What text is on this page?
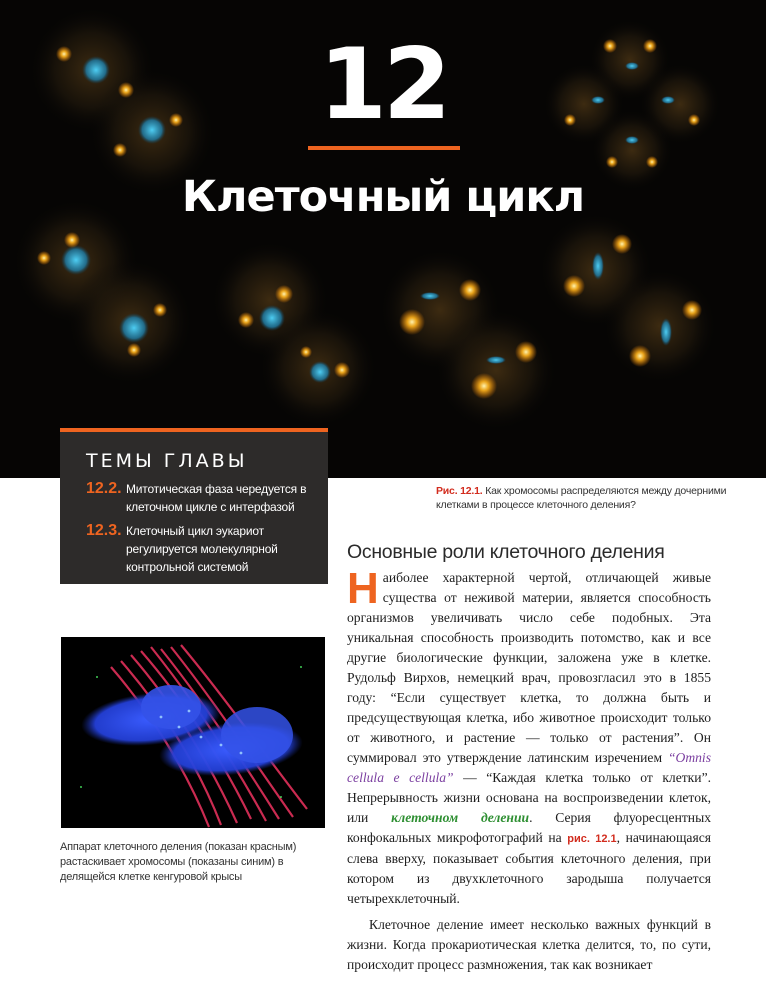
12
Клеточный цикл
ТЕМЫ ГЛАВЫ
12.2. Митотическая фаза чередуется в клеточном цикле с интерфазой
12.3. Клеточный цикл эукариот регулируется молекулярной контрольной системой
Рис. 12.1. Как хромосомы распределяются между дочерними клетками в процессе клеточного деления?
Основные роли клеточного деления

Наиболее характерной чертой, отличающей живые существа от неживой материи, является способность организмов увеличивать число себе подобных. Эта уникальная способность производить потомство, как и все другие биологические функции, заложена уже в клетке. Рудольф Вирхов, немецкий врач, провозгласил это в 1855 году: “Если существует клетка, то должна быть и предсуществующая клетка, ибо животное происходит только от животного, и растение — только от растения”. Он суммировал это утверждение латинским изречением “Omnis cellula e cellula” — “Каждая клетка только от клетки”. Непрерывность жизни основана на воспроизведении клеток, или клеточном делении. Серия флуоресцентных конфокальных микрофотографий на рис. 12.1, начинающаяся слева вверху, показывает события клеточного деления, при котором из двухклеточного зародыша получается четырехклеточный.

Клеточное деление имеет несколько важных функций в жизни. Когда прокариотическая клетка делится, то, по сути, происходит процесс размножения, так как возникает

Аппарат клеточного деления (показан красным) растаскивает хромосомы (показаны синим) в делящейся клетке кенгуровой крысы
